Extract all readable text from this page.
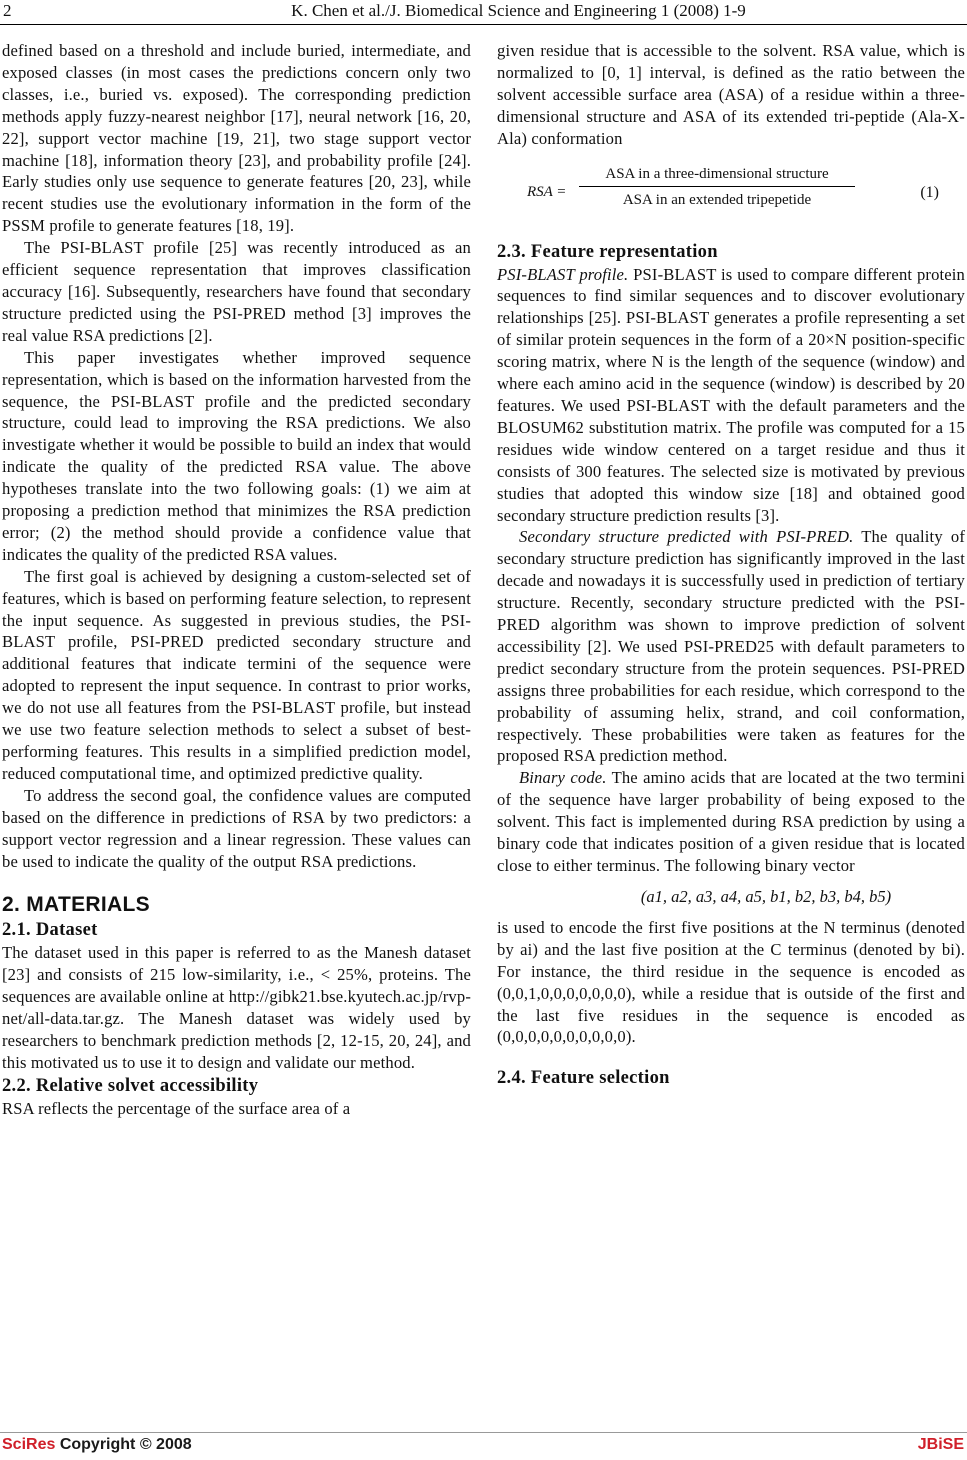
2	K. Chen et al./J. Biomedical Science and Engineering 1 (2008) 1-9

defined based on a threshold and include buried, intermediate, and exposed classes (in most cases the predictions concern only two classes, i.e., buried vs. exposed). The corresponding prediction methods apply fuzzy-nearest neighbor [17], neural network [16, 20, 22], support vector machine [19, 21], two stage support vector machine [18], information theory [23], and probability profile [24]. Early studies only use sequence to generate features [20, 23], while recent studies use the evolutionary information in the form of the PSSM profile to generate features [18, 19].

The PSI-BLAST profile [25] was recently introduced as an efficient sequence representation that improves classification accuracy [16]. Subsequently, researchers have found that secondary structure predicted using the PSI-PRED method [3] improves the real value RSA predictions [2].

This paper investigates whether improved sequence representation, which is based on the information harvested from the sequence, the PSI-BLAST profile and the predicted secondary structure, could lead to improving the RSA predictions. We also investigate whether it would be possible to build an index that would indicate the quality of the predicted RSA value. The above hypotheses translate into the two following goals: (1) we aim at proposing a prediction method that minimizes the RSA prediction error; (2) the method should provide a confidence value that indicates the quality of the predicted RSA values.

The first goal is achieved by designing a custom-selected set of features, which is based on performing feature selection, to represent the input sequence. As suggested in previous studies, the PSI-BLAST profile, PSI-PRED predicted secondary structure and additional features that indicate termini of the sequence were adopted to represent the input sequence. In contrast to prior works, we do not use all features from the PSI-BLAST profile, but instead we use two feature selection methods to select a subset of best-performing features. This results in a simplified prediction model, reduced computational time, and optimized predictive quality.

To address the second goal, the confidence values are computed based on the difference in predictions of RSA by two predictors: a support vector regression and a linear regression. These values can be used to indicate the quality of the output RSA predictions.

2. MATERIALS
2.1. Dataset

The dataset used in this paper is referred to as the Manesh dataset [23] and consists of 215 low-similarity, i.e., < 25%, proteins. The sequences are available online at http://gibk21.bse.kyutech.ac.jp/rvp-net/all-data.tar.gz. The Manesh dataset was widely used by researchers to benchmark prediction methods [2, 12-15, 20, 24], and this motivated us to use it to design and validate our method.

2.2. Relative solvet accessibility

RSA reflects the percentage of the surface area of a

given residue that is accessible to the solvent. RSA value, which is normalized to [0, 1] interval, is defined as the ratio between the solvent accessible surface area (ASA) of a residue within a three-dimensional structure and ASA of its extended tri-peptide (Ala-X-Ala) conformation

RSA =
ASA in a three-dimensional structure
ASA in an extended tripepetide	(1)
2.3. Feature representation

PSI-BLAST profile. PSI-BLAST is used to compare different protein sequences to find similar sequences and to discover evolutionary relationships [25]. PSI-BLAST generates a profile representing a set of similar protein sequences in the form of a 20×N position-specific scoring matrix, where N is the length of the sequence (window) and where each amino acid in the sequence (window) is described by 20 features. We used PSI-BLAST with the default parameters and the BLOSUM62 substitution matrix. The profile was computed for a 15 residues wide window centered on a target residue and thus it consists of 300 features. The selected size is motivated by previous studies that adopted this window size [18] and obtained good secondary structure prediction results [3].

Secondary structure predicted with PSI-PRED. The quality of secondary structure prediction has significantly improved in the last decade and nowadays it is successfully used in prediction of tertiary structure. Recently, secondary structure predicted with the PSI-PRED algorithm was shown to improve prediction of solvent accessibility [2]. We used PSI-PRED25 with default parameters to predict secondary structure from the protein sequences. PSI-PRED assigns three probabilities for each residue, which correspond to the probability of assuming helix, strand, and coil conformation, respectively. These probabilities were taken as features for the proposed RSA prediction method.

Binary code. The amino acids that are located at the two termini of the sequence have larger probability of being exposed to the solvent. This fact is implemented during RSA prediction by using a binary code that indicates position of a given residue that is located close to either terminus. The following binary vector

(a1, a2, a3, a4, a5, b1, b2, b3, b4, b5)

is used to encode the first five positions at the N terminus (denoted by ai) and the last five position at the C terminus (denoted by bi). For instance, the third residue in the sequence is encoded as (0,0,1,0,0,0,0,0,0,0), while a residue that is outside of the first and the last five residues in the sequence is encoded as (0,0,0,0,0,0,0,0,0,0).

2.4. Feature selection
SciRes Copyright © 2008	JBiSE
